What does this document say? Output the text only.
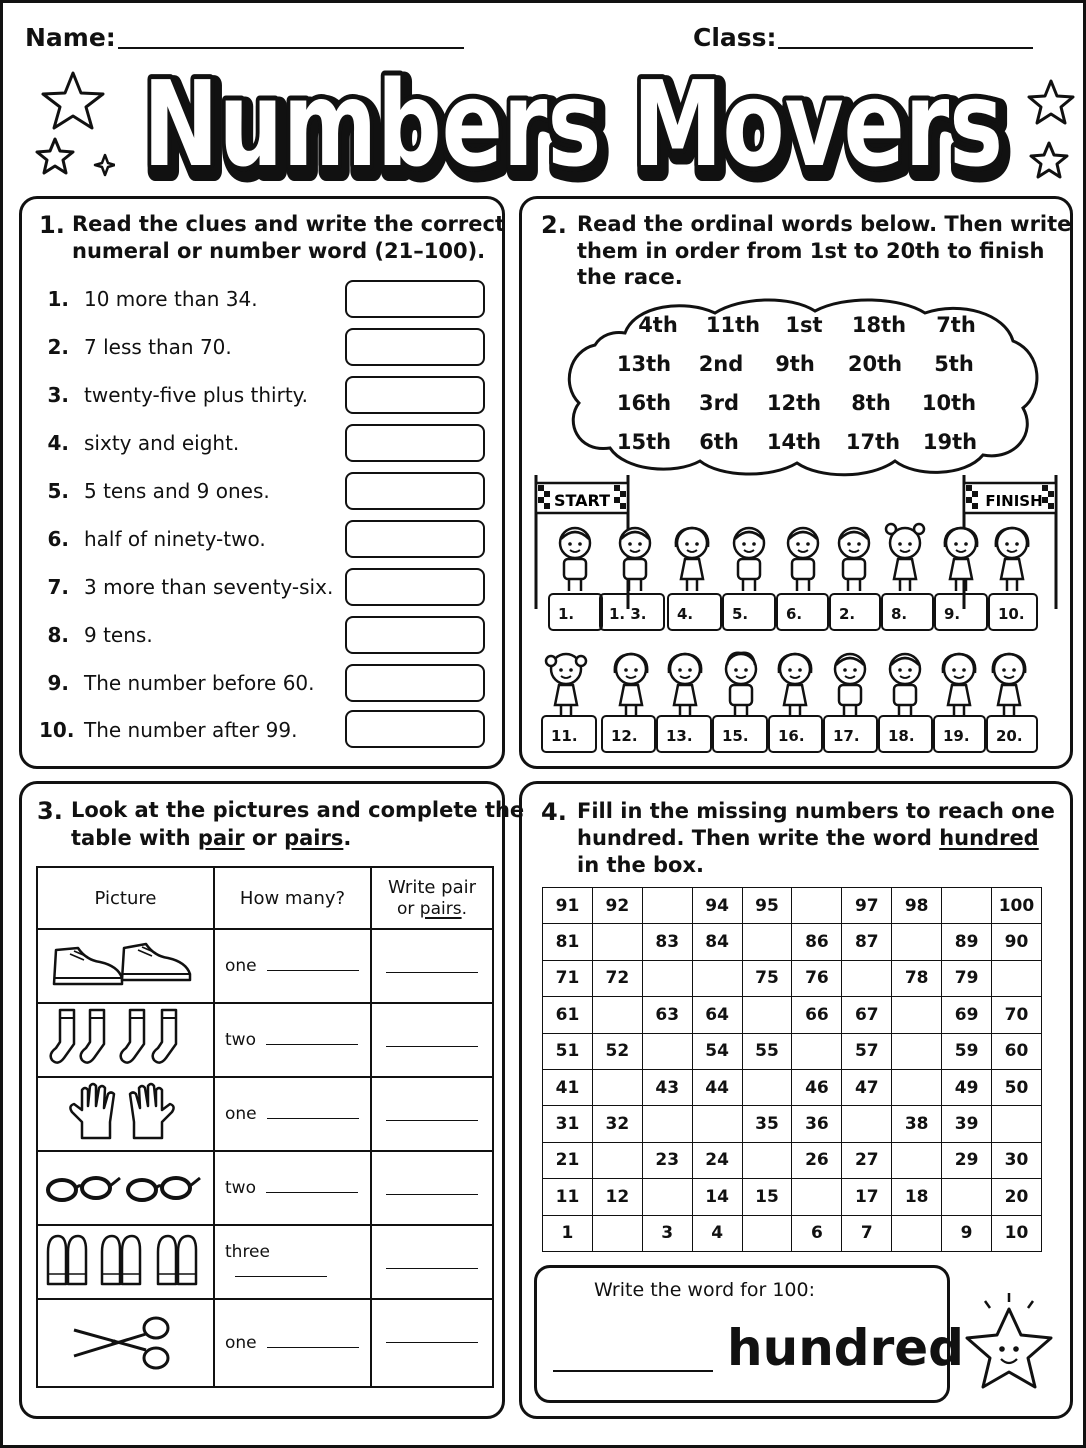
Name:	Class:
Numbers Movers
Numbers Movers
1. Read the clues and write the correct
numeral or number word (21–100).
1. 10 more than 34.
2. 7 less than 70.
3. twenty-five plus thirty.
4. sixty and eight.
5. 5 tens and 9 ones.
6. half of ninety-two.
7. 3 more than seventy-six.
8. 9 tens.
9. The number before 60.
10. The number after 99.
2. Read the ordinal words below. Then write
them in order from 1st to 20th to finish
the race.
4th	11th	1st	18th	7th
13th	2nd	9th	20th	5th
16th	3rd	12th	8th	10th
15th	6th	14th	17th	19th
START	FINISH
1.	1. 3.	4.	5.	6.	2.	8.	9.	10.
11.	12.	13.	15.	16.	17.	18.	19.	20.
3. Look at the pictures and complete the
table with pair or pairs.
Picture	How many?	Write pair
or pairs.
	one	

	two	

	one	

	two	

	three	

	one	
4. Fill in the missing numbers to reach one
hundred. Then write the word hundred
in the box.
91	92		94	95		97	98		100
81		83	84		86	87		89	90
71	72			75	76		78	79	
61		63	64		66	67		69	70
51	52		54	55		57		59	60
41		43	44		46	47		49	50
31	32			35	36		38	39	
21		23	24		26	27		29	30
11	12		14	15		17	18		20
1		3	4		6	7		9	10
Write the word for 100:
hundred
